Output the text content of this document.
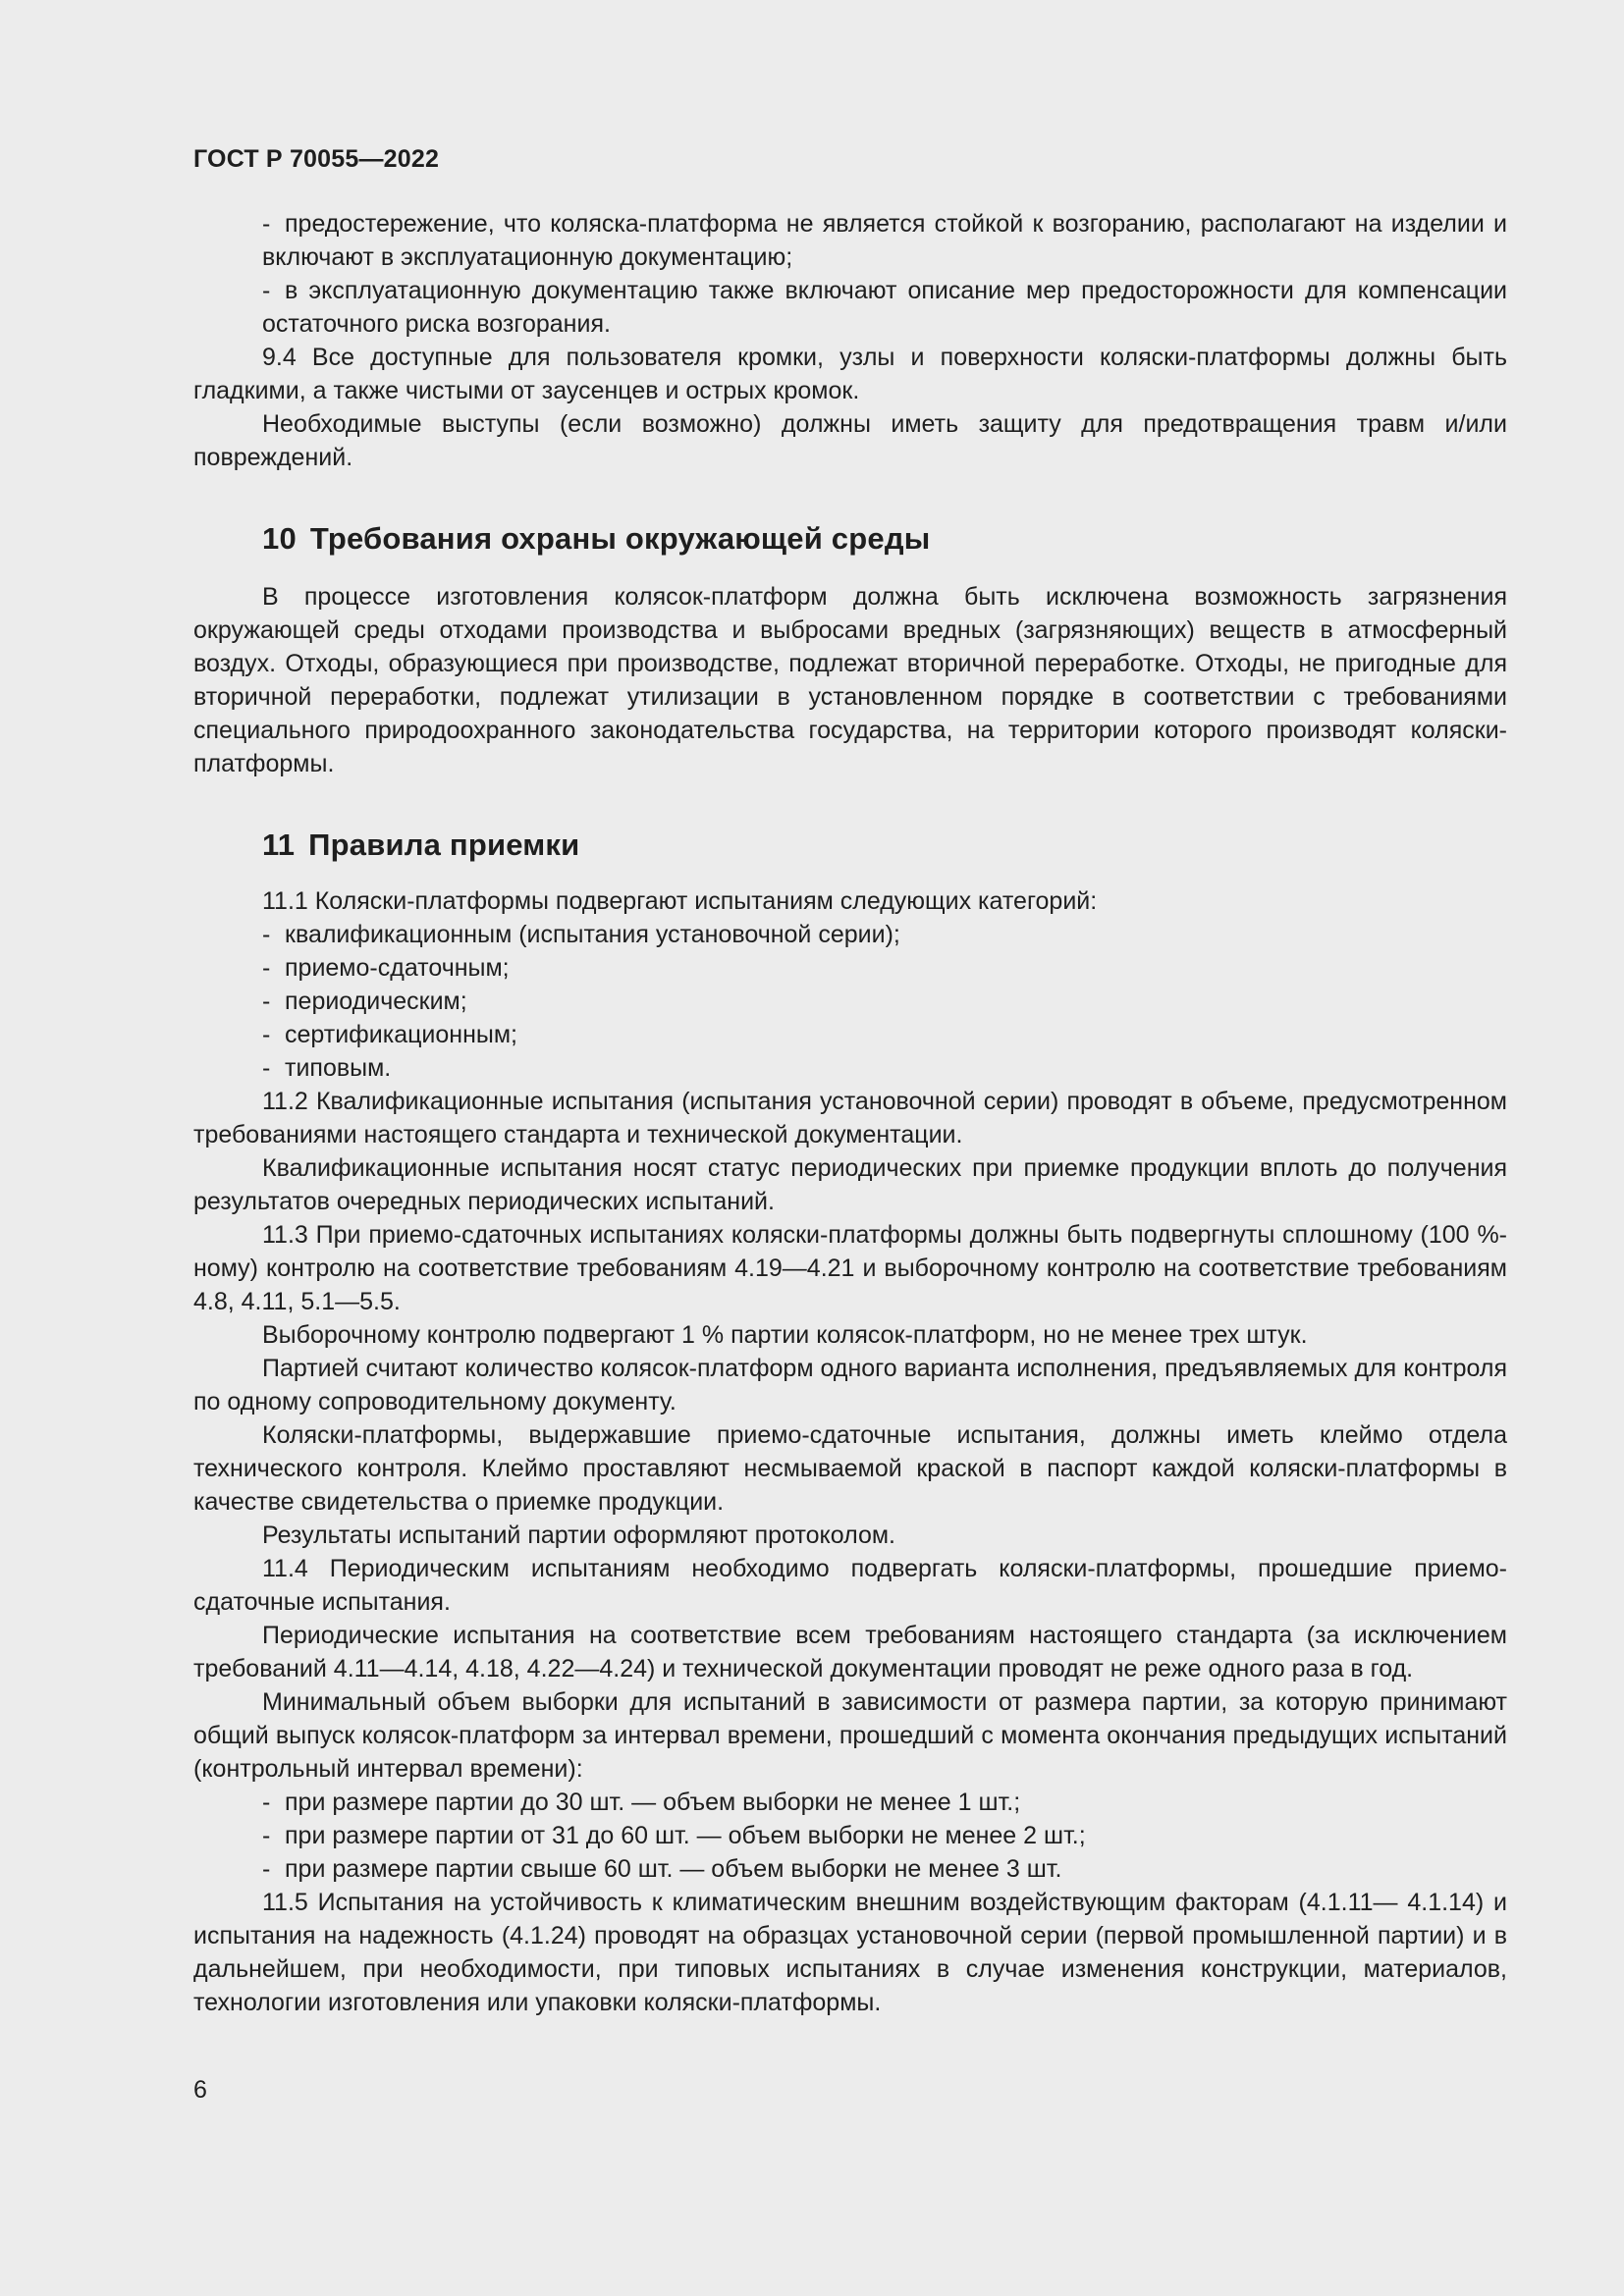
ГОСТ Р 70055—2022
- предостережение, что коляска-платформа не является стойкой к возгоранию, располагают на изделии и включают в эксплуатационную документацию;
- в эксплуатационную документацию также включают описание мер предосторожности для компенсации остаточного риска возгорания.
9.4 Все доступные для пользователя кромки, узлы и поверхности коляски-платформы должны быть гладкими, а также чистыми от заусенцев и острых кромок.
Необходимые выступы (если возможно) должны иметь защиту для предотвращения травм и/или повреждений.
10 Требования охраны окружающей среды
В процессе изготовления колясок-платформ должна быть исключена возможность загрязнения окружающей среды отходами производства и выбросами вредных (загрязняющих) веществ в атмосферный воздух. Отходы, образующиеся при производстве, подлежат вторичной переработке. Отходы, не пригодные для вторичной переработки, подлежат утилизации в установленном порядке в соответствии с требованиями специального природоохранного законодательства государства, на территории которого производят коляски-платформы.
11 Правила приемки
11.1 Коляски-платформы подвергают испытаниям следующих категорий:
- квалификационным (испытания установочной серии);
- приемо-сдаточным;
- периодическим;
- сертификационным;
- типовым.
11.2 Квалификационные испытания (испытания установочной серии) проводят в объеме, предусмотренном требованиями настоящего стандарта и технической документации.
Квалификационные испытания носят статус периодических при приемке продукции вплоть до получения результатов очередных периодических испытаний.
11.3 При приемо-сдаточных испытаниях коляски-платформы должны быть подвергнуты сплошному (100 %-ному) контролю на соответствие требованиям 4.19—4.21 и выборочному контролю на соответствие требованиям 4.8, 4.11, 5.1—5.5.
Выборочному контролю подвергают 1 % партии колясок-платформ, но не менее трех штук.
Партией считают количество колясок-платформ одного варианта исполнения, предъявляемых для контроля по одному сопроводительному документу.
Коляски-платформы, выдержавшие приемо-сдаточные испытания, должны иметь клеймо отдела технического контроля. Клеймо проставляют несмываемой краской в паспорт каждой коляски-платформы в качестве свидетельства о приемке продукции.
Результаты испытаний партии оформляют протоколом.
11.4 Периодическим испытаниям необходимо подвергать коляски-платформы, прошедшие приемо-сдаточные испытания.
Периодические испытания на соответствие всем требованиям настоящего стандарта (за исключением требований 4.11—4.14, 4.18, 4.22—4.24) и технической документации проводят не реже одного раза в год.
Минимальный объем выборки для испытаний в зависимости от размера партии, за которую принимают общий выпуск колясок-платформ за интервал времени, прошедший с момента окончания предыдущих испытаний (контрольный интервал времени):
- при размере партии до 30 шт. — объем выборки не менее 1 шт.;
- при размере партии от 31 до 60 шт. — объем выборки не менее 2 шт.;
- при размере партии свыше 60 шт. — объем выборки не менее 3 шт.
11.5 Испытания на устойчивость к климатическим внешним воздействующим факторам (4.1.11— 4.1.14) и испытания на надежность (4.1.24) проводят на образцах установочной серии (первой промышленной партии) и в дальнейшем, при необходимости, при типовых испытаниях в случае изменения конструкции, материалов, технологии изготовления или упаковки коляски-платформы.
6
